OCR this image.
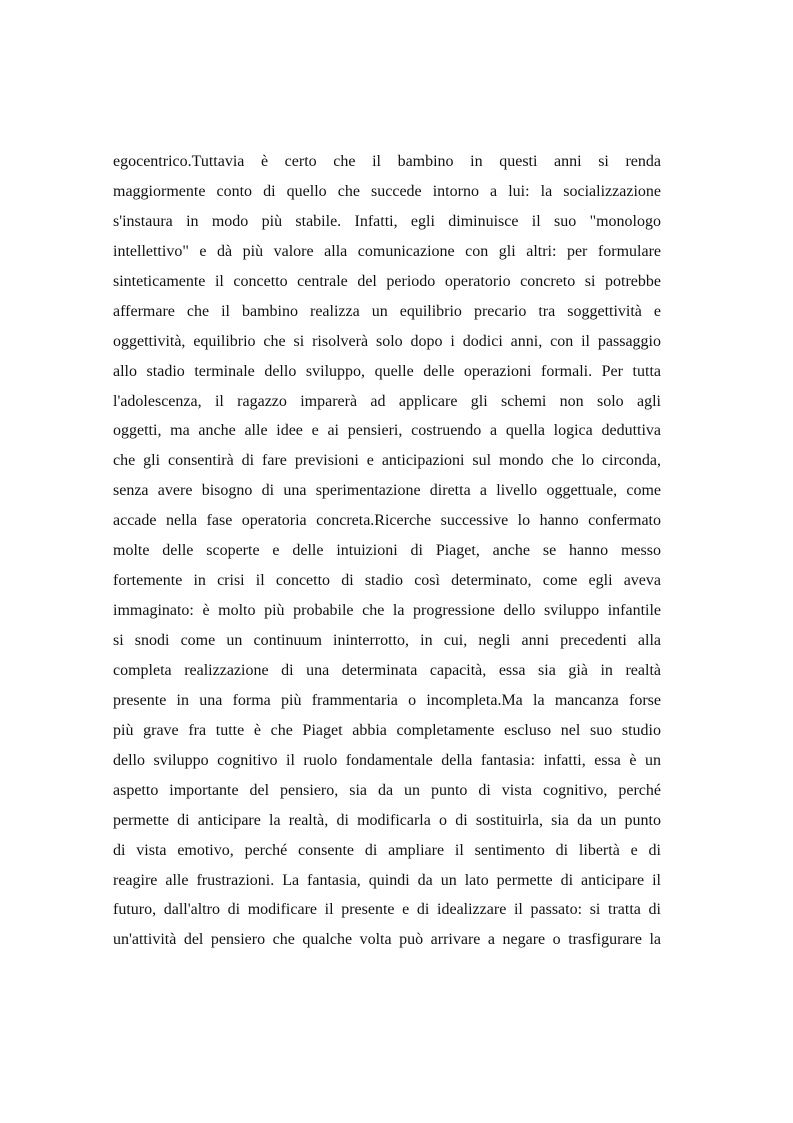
egocentrico.Tuttavia è certo che il bambino in questi anni si renda
maggiormente conto di quello che succede intorno a lui: la socializzazione
s'instaura in modo più stabile. Infatti, egli diminuisce il suo "monologo
intellettivo" e dà più valore alla comunicazione con gli altri: per formulare
sinteticamente il concetto centrale del periodo operatorio concreto si potrebbe
affermare che il bambino realizza un equilibrio precario tra soggettività e
oggettività, equilibrio che si risolverà solo dopo i dodici anni, con il passaggio
allo stadio terminale dello sviluppo, quelle delle operazioni formali. Per tutta
l'adolescenza, il ragazzo imparerà ad applicare gli schemi non solo agli
oggetti, ma anche alle idee e ai pensieri, costruendo a quella logica deduttiva
che gli consentirà di fare previsioni e anticipazioni sul mondo che lo circonda,
senza avere bisogno di una sperimentazione diretta a livello oggettuale, come
accade nella fase operatoria concreta.Ricerche successive lo hanno confermato
molte delle scoperte e delle intuizioni di Piaget, anche se hanno messo
fortemente in crisi il concetto di stadio così determinato, come egli aveva
immaginato: è molto più probabile che la progressione dello sviluppo infantile
si snodi come un continuum ininterrotto, in cui, negli anni precedenti alla
completa realizzazione di una determinata capacità, essa sia già in realtà
presente in una forma più frammentaria o incompleta.Ma la mancanza forse
più grave fra tutte è che Piaget abbia completamente escluso nel suo studio
dello sviluppo cognitivo il ruolo fondamentale della fantasia: infatti, essa è un
aspetto importante del pensiero, sia da un punto di vista cognitivo, perché
permette di anticipare la realtà, di modificarla o di sostituirla, sia da un punto
di vista emotivo, perché consente di ampliare il sentimento di libertà e di
reagire alle frustrazioni. La fantasia, quindi da un lato permette di anticipare il
futuro, dall'altro di modificare il presente e di idealizzare il passato: si tratta di
un'attività del pensiero che qualche volta può arrivare a negare o trasfigurare la
